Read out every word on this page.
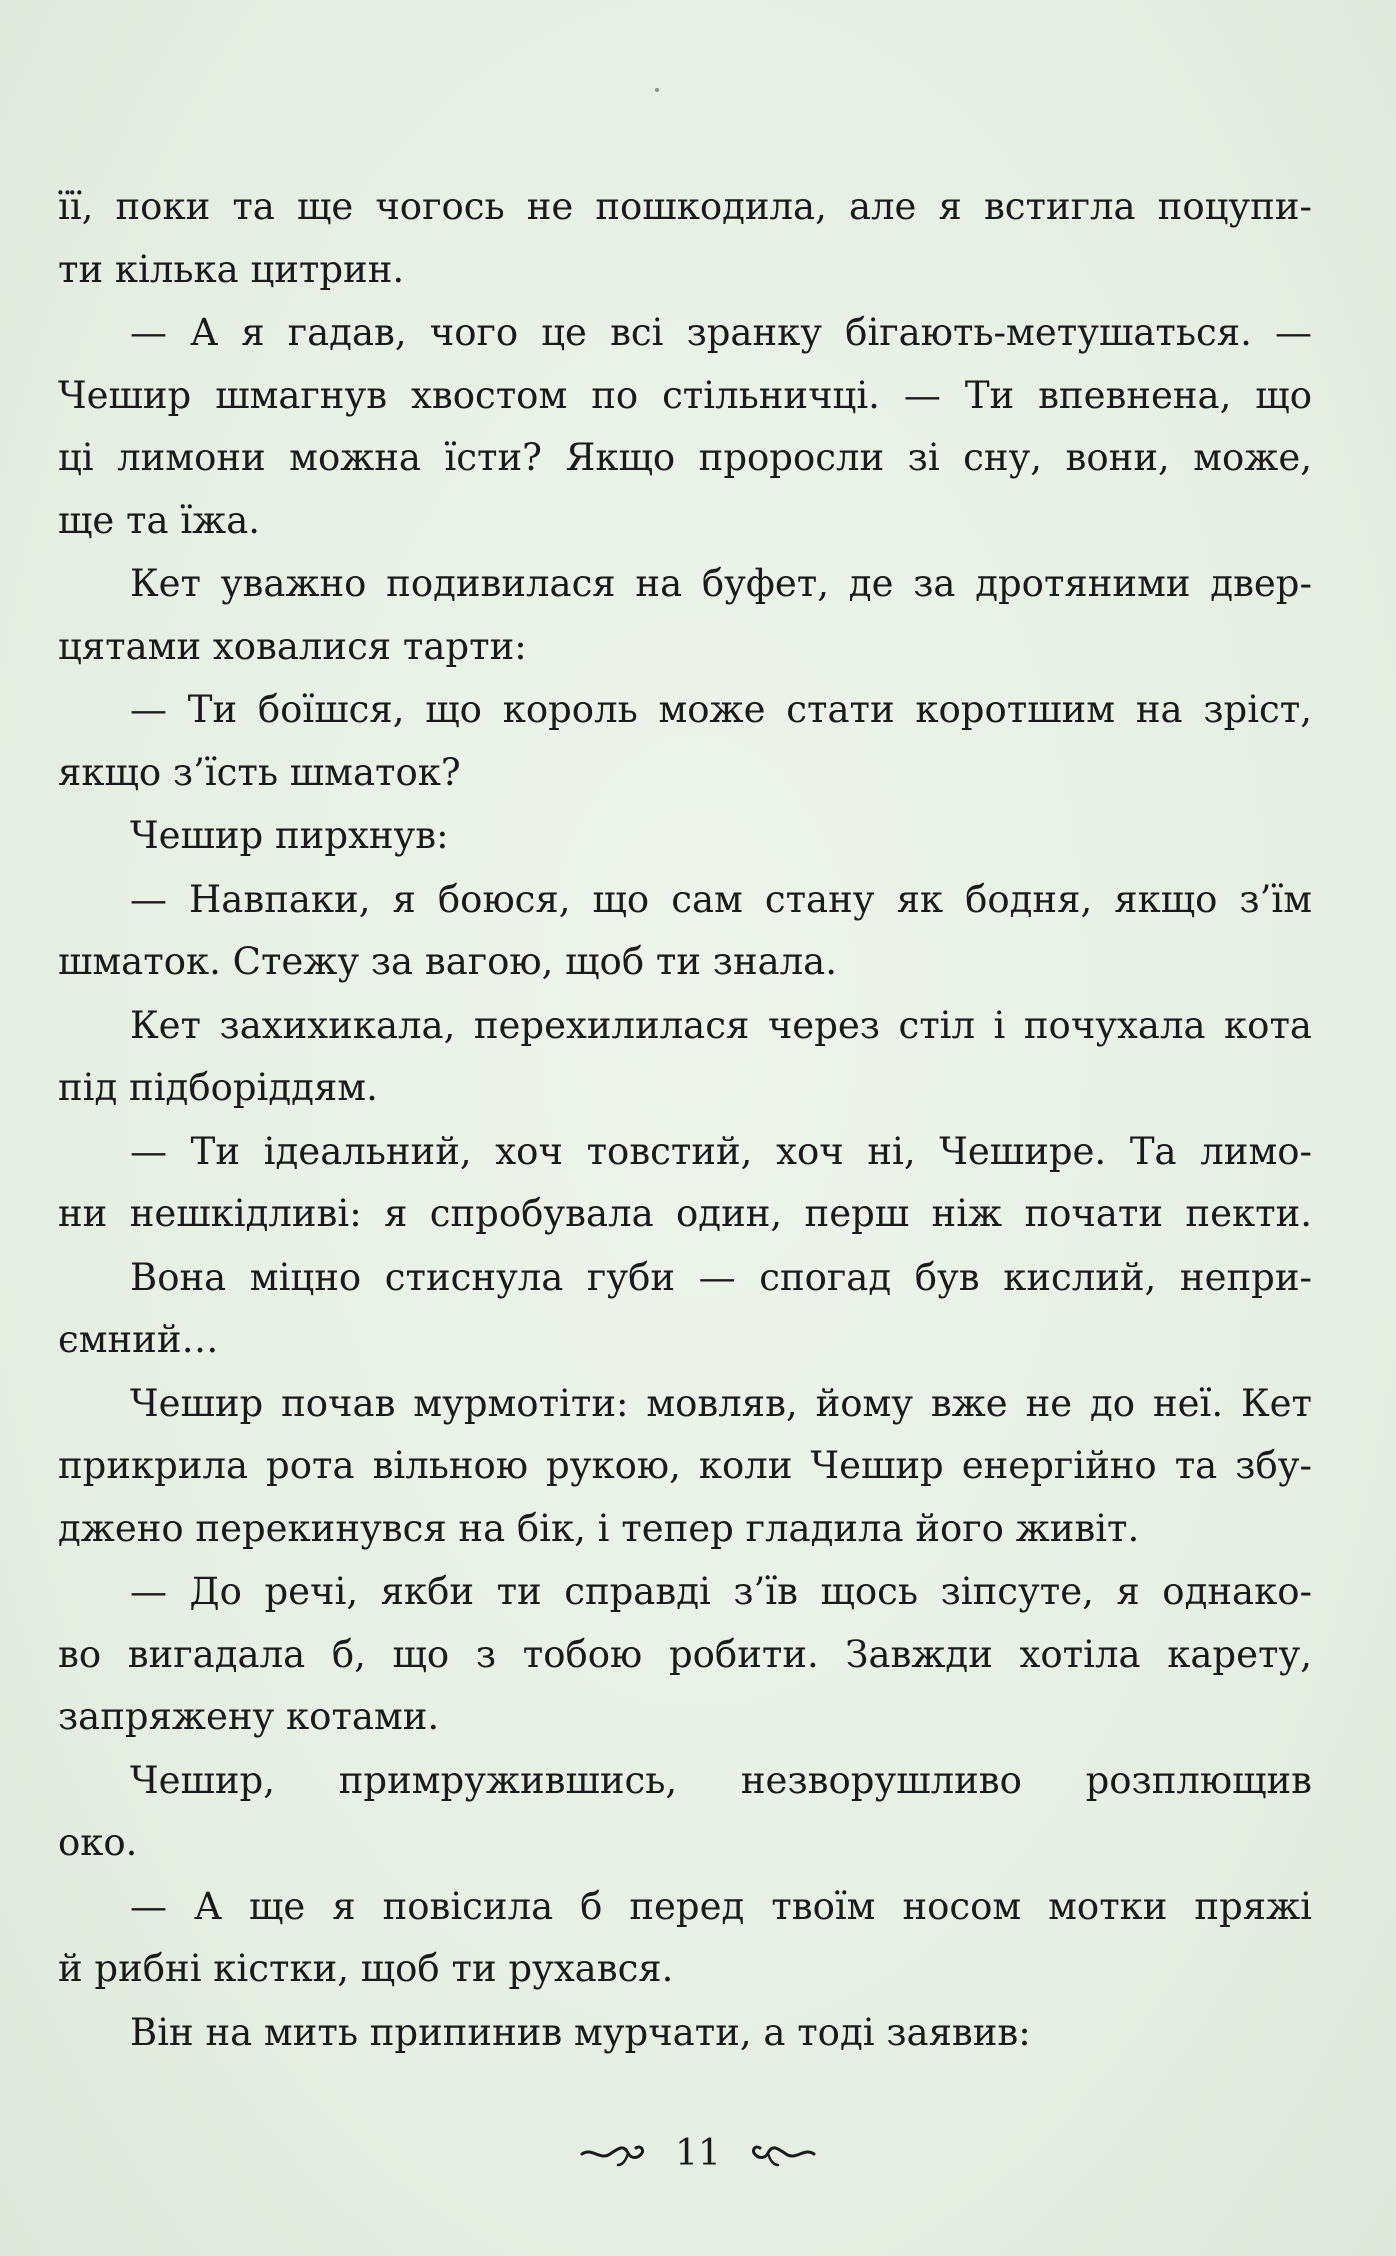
її, поки та ще чогось не пошкодила, але я встигла поцупи-
ти кілька цитрин.
— А я гадав, чого це всі зранку бігають-метушаться. —
Чешир шмагнув хвостом по стільничці. — Ти впевнена, що
ці лимони можна їсти? Якщо проросли зі сну, вони, може,
ще та їжа.
Кет уважно подивилася на буфет, де за дротяними двер-
цятами ховалися тарти:
— Ти боїшся, що король може стати коротшим на зріст,
якщо з’їсть шматок?
Чешир пирхнув:
— Навпаки, я боюся, що сам стану як бодня, якщо з’їм
шматок. Стежу за вагою, щоб ти знала.
Кет захихикала, перехилилася через стіл і почухала кота
під підборіддям.
— Ти ідеальний, хоч товстий, хоч ні, Чешире. Та лимо-
ни нешкідливі: я спробувала один, перш ніж почати пекти.
Вона міцно стиснула губи — спогад був кислий, непри-
ємний…
Чешир почав мурмотіти: мовляв, йому вже не до неї. Кет
прикрила рота вільною рукою, коли Чешир енергійно та збу-
джено перекинувся на бік, і тепер гладила його живіт.
— До речі, якби ти справді з’їв щось зіпсуте, я однако-
во вигадала б, що з тобою робити. Завжди хотіла карету,
запряжену котами.
Чешир, примружившись, незворушливо розплющив
око.
— А ще я повісила б перед твоїм носом мотки пряжі
й рибні кістки, щоб ти рухався.
Він на мить припинив мурчати, а тоді заявив:
11
